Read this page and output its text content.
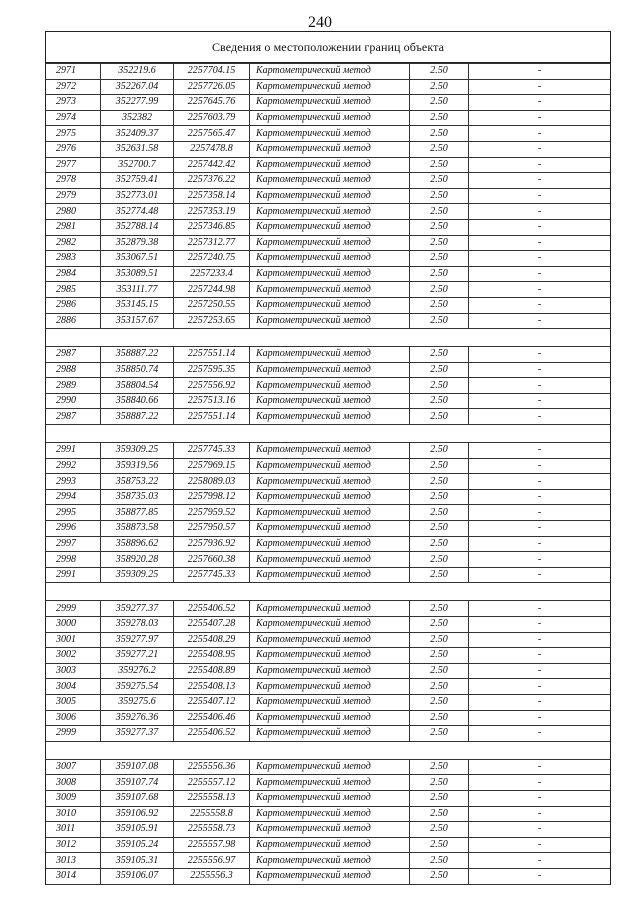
240
Сведения о местоположении границ объекта
2971	352219.6	2257704.15	Картометрический метод	2.50	-
2972	352267.04	2257726.05	Картометрический метод	2.50	-
2973	352277.99	2257645.76	Картометрический метод	2.50	-
2974	352382	2257603.79	Картометрический метод	2.50	-
2975	352409.37	2257565.47	Картометрический метод	2.50	-
2976	352631.58	2257478.8	Картометрический метод	2.50	-
2977	352700.7	2257442.42	Картометрический метод	2.50	-
2978	352759.41	2257376.22	Картометрический метод	2.50	-
2979	352773.01	2257358.14	Картометрический метод	2.50	-
2980	352774.48	2257353.19	Картометрический метод	2.50	-
2981	352788.14	2257346.85	Картометрический метод	2.50	-
2982	352879.38	2257312.77	Картометрический метод	2.50	-
2983	353067.51	2257240.75	Картометрический метод	2.50	-
2984	353089.51	2257233.4	Картометрический метод	2.50	-
2985	353111.77	2257244.98	Картометрический метод	2.50	-
2986	353145.15	2257250.55	Картометрический метод	2.50	-
2886	353157.67	2257253.65	Картометрический метод	2.50	-

2987	358887.22	2257551.14	Картометрический метод	2.50	-
2988	358850.74	2257595.35	Картометрический метод	2.50	-
2989	358804.54	2257556.92	Картометрический метод	2.50	-
2990	358840.66	2257513.16	Картометрический метод	2.50	-
2987	358887.22	2257551.14	Картометрический метод	2.50	-

2991	359309.25	2257745.33	Картометрический метод	2.50	-
2992	359319.56	2257969.15	Картометрический метод	2.50	-
2993	358753.22	2258089.03	Картометрический метод	2.50	-
2994	358735.03	2257998.12	Картометрический метод	2.50	-
2995	358877.85	2257959.52	Картометрический метод	2.50	-
2996	358873.58	2257950.57	Картометрический метод	2.50	-
2997	358896.62	2257936.92	Картометрический метод	2.50	-
2998	358920.28	2257660.38	Картометрический метод	2.50	-
2991	359309.25	2257745.33	Картометрический метод	2.50	-

2999	359277.37	2255406.52	Картометрический метод	2.50	-
3000	359278.03	2255407.28	Картометрический метод	2.50	-
3001	359277.97	2255408.29	Картометрический метод	2.50	-
3002	359277.21	2255408.95	Картометрический метод	2.50	-
3003	359276.2	2255408.89	Картометрический метод	2.50	-
3004	359275.54	2255408.13	Картометрический метод	2.50	-
3005	359275.6	2255407.12	Картометрический метод	2.50	-
3006	359276.36	2255406.46	Картометрический метод	2.50	-
2999	359277.37	2255406.52	Картометрический метод	2.50	-

3007	359107.08	2255556.36	Картометрический метод	2.50	-
3008	359107.74	2255557.12	Картометрический метод	2.50	-
3009	359107.68	2255558.13	Картометрический метод	2.50	-
3010	359106.92	2255558.8	Картометрический метод	2.50	-
3011	359105.91	2255558.73	Картометрический метод	2.50	-
3012	359105.24	2255557.98	Картометрический метод	2.50	-
3013	359105.31	2255556.97	Картометрический метод	2.50	-
3014	359106.07	2255556.3	Картометрический метод	2.50	-
